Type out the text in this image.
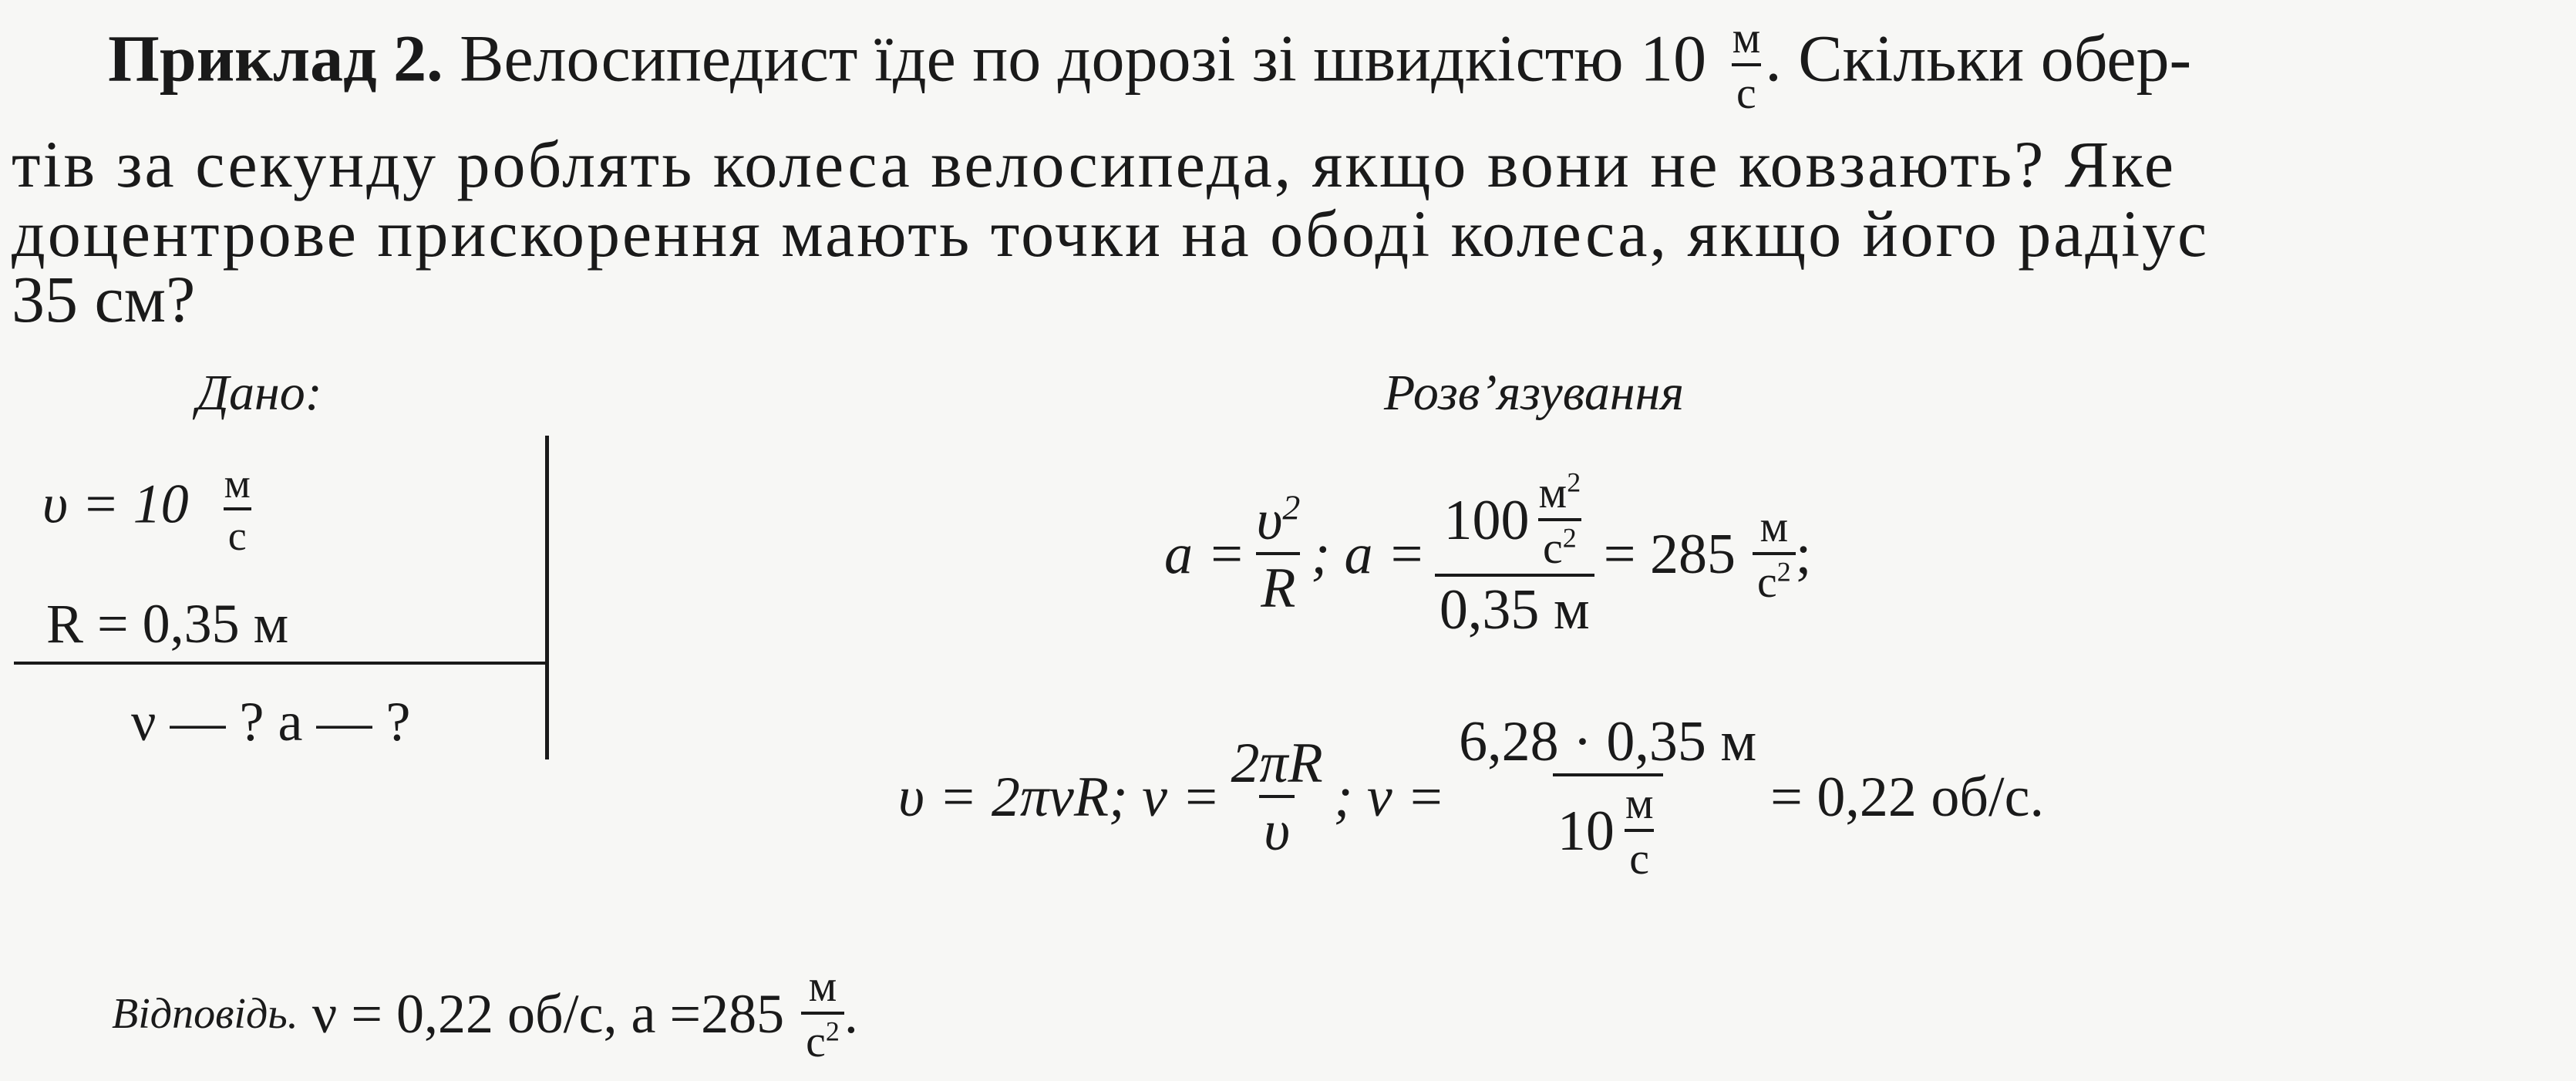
Приклад 2. Велосипедист їде по дорозі зі швидкістю $10 \frac{м}{с}$ . Скільки обер-
тів за секунду роблять колеса велосипеда, якщо вони не ковзають? Яке
доцентрове прискорення мають точки на ободі колеса, якщо його радіус
35 см?
Дано:
$\upsilon = 10 \frac{м}{с}$
R = 0,35 м
ν — ? a — ?
Розв’язування
$a = \frac{\upsilon^2}{R}$ ; $a = \frac{100 \frac{м^2}{с^2}}{0,35 м} = 285 \frac{м}{с^2}$ ;
υ = 2πνR; $\nu = \frac{2\pi R}{\upsilon}$ ; $\nu = \frac{6,28 \cdot 0,35 м}{10 \frac{м}{с}} = 0,22$ об/с.
Відповідь. ν = 0,22 об/с, $a =285 \frac{м}{с^2}$ .
